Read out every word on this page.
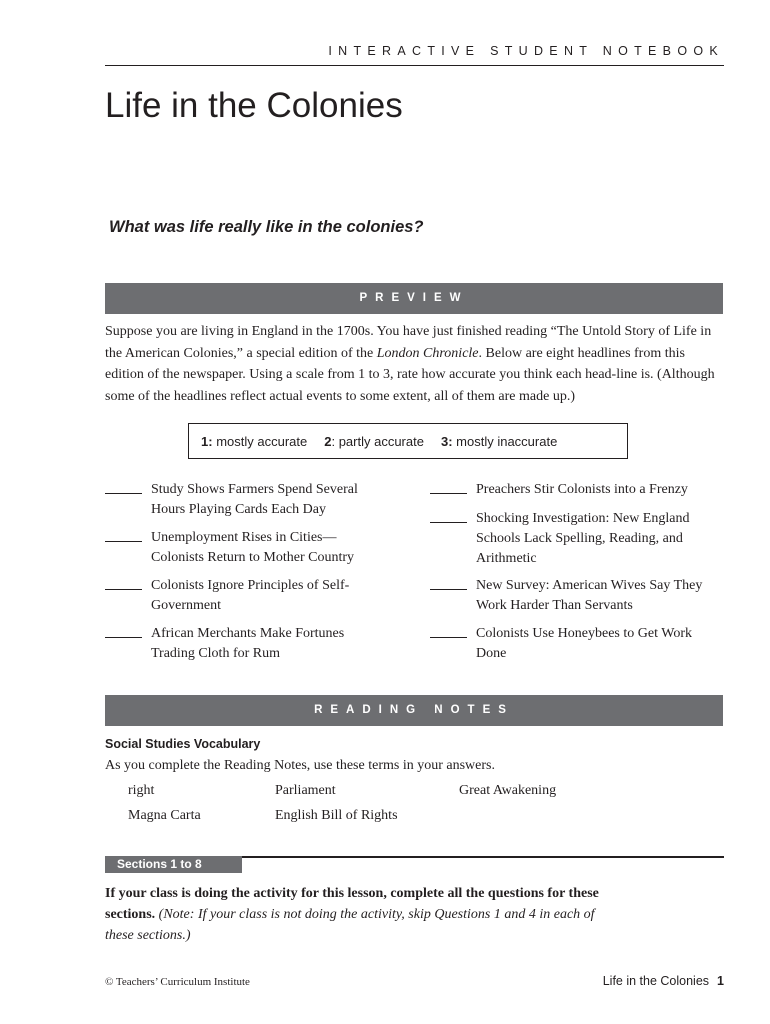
INTERACTIVE STUDENT NOTEBOOK
Life in the Colonies
What was life really like in the colonies?
PREVIEW
Suppose you are living in England in the 1700s. You have just finished reading “The Untold Story of Life in the American Colonies,” a special edition of the London Chronicle. Below are eight headlines from this edition of the newspaper. Using a scale from 1 to 3, rate how accurate you think each head-line is. (Although some of the headlines reflect actual events to some extent, all of them are made up.)
1: mostly accurate 2: partly accurate 3: mostly inaccurate
Study Shows Farmers Spend Several Hours Playing Cards Each Day
Unemployment Rises in Cities— Colonists Return to Mother Country
Colonists Ignore Principles of Self-Government
African Merchants Make Fortunes Trading Cloth for Rum
Preachers Stir Colonists into a Frenzy
Shocking Investigation: New England Schools Lack Spelling, Reading, and Arithmetic
New Survey: American Wives Say They Work Harder Than Servants
Colonists Use Honeybees to Get Work Done
READING NOTES
Social Studies Vocabulary
As you complete the Reading Notes, use these terms in your answers.
right	Parliament	Great Awakening
Magna Carta	English Bill of Rights
Sections 1 to 8
If your class is doing the activity for this lesson, complete all the questions for these sections. (Note: If your class is not doing the activity, skip Questions 1 and 4 in each of these sections.)
© Teachers’ Curriculum Institute	Life in the Colonies 1
